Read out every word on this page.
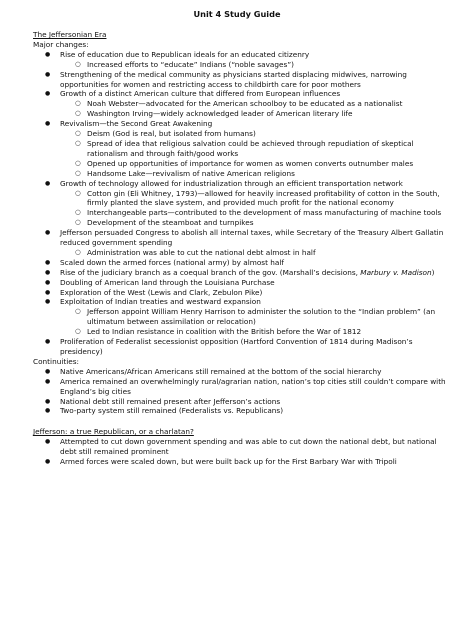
Unit 4 Study Guide
The Jeffersonian Era
Major changes:
● Rise of education due to Republican ideals for an educated citizenry
○ Increased efforts to “educate” Indians (“noble savages”)
● Strengthening of the medical community as physicians started displacing midwives, narrowing opportunities for women and restricting access to childbirth care for poor mothers
● Growth of a distinct American culture that differed from European influences
○ Noah Webster—advocated for the American schoolboy to be educated as a nationalist
○ Washington Irving—widely acknowledged leader of American literary life
● Revivalism—the Second Great Awakening
○ Deism (God is real, but isolated from humans)
○ Spread of idea that religious salvation could be achieved through repudiation of skeptical rationalism and through faith/good works
○ Opened up opportunities of importance for women as women converts outnumber males
○ Handsome Lake—revivalism of native American religions
● Growth of technology allowed for industrialization through an efficient transportation network
○ Cotton gin (Eli Whitney, 1793)—allowed for heavily increased profitability of cotton in the South, firmly planted the slave system, and provided much profit for the national economy
○ Interchangeable parts—contributed to the development of mass manufacturing of machine tools
○ Development of the steamboat and turnpikes
● Jefferson persuaded Congress to abolish all internal taxes, while Secretary of the Treasury Albert Gallatin reduced government spending
○ Administration was able to cut the national debt almost in half
● Scaled down the armed forces (national army) by almost half
● Rise of the judiciary branch as a coequal branch of the gov. (Marshall’s decisions, Marbury v. Madison)
● Doubling of American land through the Louisiana Purchase
● Exploration of the West (Lewis and Clark, Zebulon Pike)
● Exploitation of Indian treaties and westward expansion
○ Jefferson appoint William Henry Harrison to administer the solution to the “Indian problem” (an ultimatum between assimilation or relocation)
○ Led to Indian resistance in coalition with the British before the War of 1812
● Proliferation of Federalist secessionist opposition (Hartford Convention of 1814 during Madison’s presidency)
Continuities:
● Native Americans/African Americans still remained at the bottom of the social hierarchy
● America remained an overwhelmingly rural/agrarian nation, nation’s top cities still couldn’t compare with England’s big cities
● National debt still remained present after Jefferson’s actions
● Two-party system still remained (Federalists vs. Republicans)
Jefferson: a true Republican, or a charlatan?
● Attempted to cut down government spending and was able to cut down the national debt, but national debt still remained prominent
● Armed forces were scaled down, but were built back up for the First Barbary War with Tripoli
